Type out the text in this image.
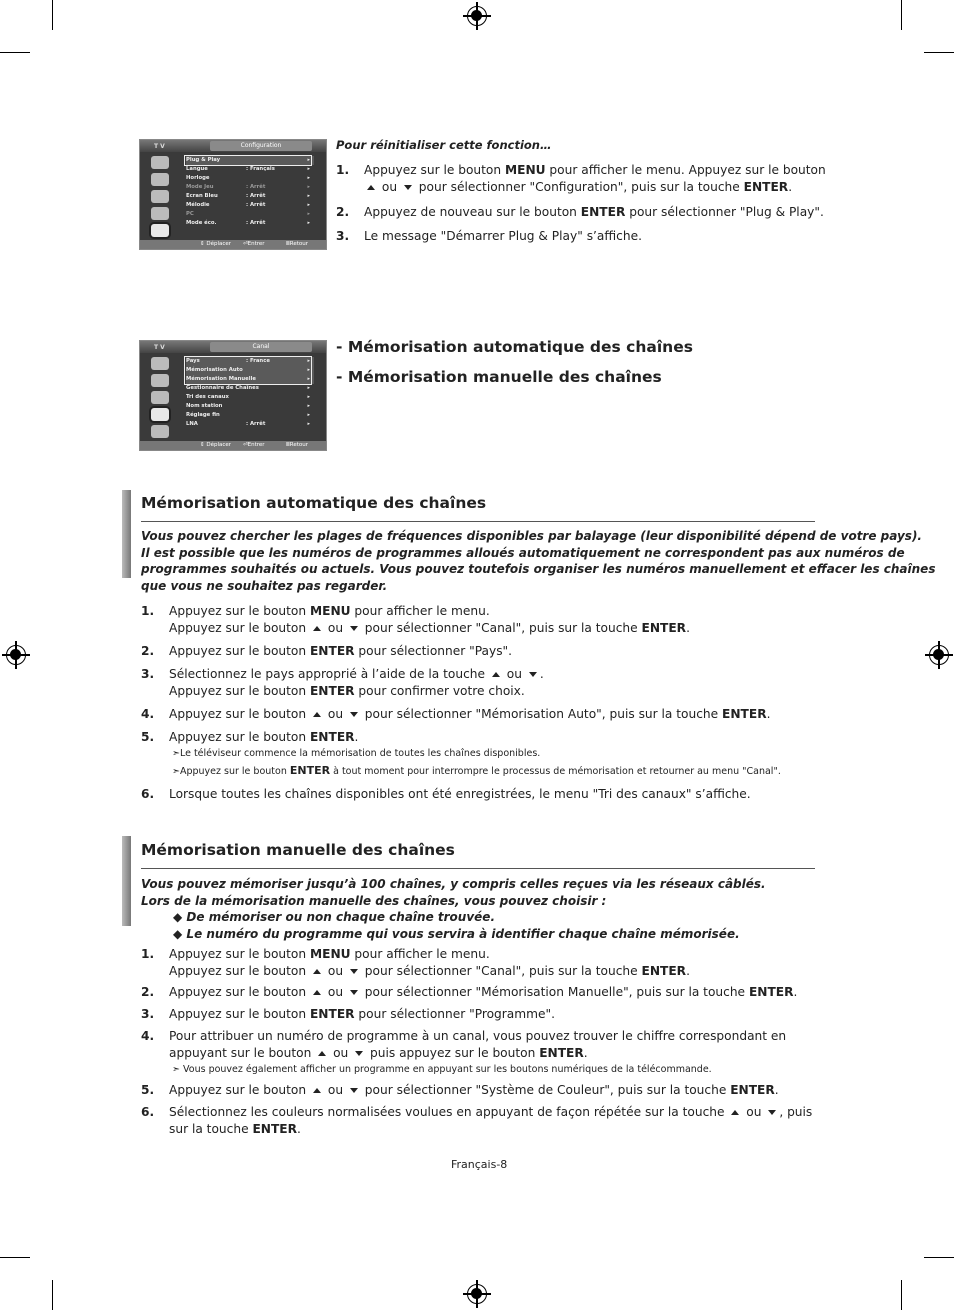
T V	Configuration
Plug & Play	▸
Langue	: Français	▸
Horloge	▸
Mode Jeu	: Arrêt	▸
Ecran Bleu	: Arrêt	▸
Mélodie	: Arrêt	▸
PC	▸
Mode éco.	: Arrêt	▸
⇕ Déplacer ⏎Entrer	ⅢRetour
T V	Canal
Pays	: France	▸
Mémorisation Auto	▸
Mémorisation Manuelle	▸
Gestionnaire de Chaînes	▸
Tri des canaux	▸
Nom station	▸
Réglage fin	▸
LNA	: Arrêt	▸
⇕ Déplacer ⏎Entrer	ⅢRetour
Pour réinitialiser cette fonction…
1. Appuyez sur le bouton MENU pour afficher le menu. Appuyez sur le bouton
ou  pour sélectionner "Configuration", puis sur la touche ENTER.
2. Appuyez de nouveau sur le bouton ENTER pour sélectionner "Plug & Play".
3. Le message "Démarrer Plug & Play" s’affiche.
- Mémorisation automatique des chaînes
- Mémorisation manuelle des chaînes
Mémorisation automatique des chaînes
Vous pouvez chercher les plages de fréquences disponibles par balayage (leur disponibilité dépend de votre pays).
Il est possible que les numéros de programmes alloués automatiquement ne correspondent pas aux numéros de
programmes souhaités ou actuels. Vous pouvez toutefois organiser les numéros manuellement et effacer les chaînes
que vous ne souhaitez pas regarder.
1. Appuyez sur le bouton MENU pour afficher le menu.
Appuyez sur le bouton  ou  pour sélectionner "Canal", puis sur la touche ENTER.
2. Appuyez sur le bouton ENTER pour sélectionner "Pays".
3. Sélectionnez le pays approprié à l’aide de la touche  ou .
Appuyez sur le bouton ENTER pour confirmer votre choix.
4. Appuyez sur le bouton  ou  pour sélectionner "Mémorisation Auto", puis sur la touche ENTER.
5. Appuyez sur le bouton ENTER.
➣Le téléviseur commence la mémorisation de toutes les chaînes disponibles.
➣Appuyez sur le bouton ENTER à tout moment pour interrompre le processus de mémorisation et retourner au menu "Canal".
6. Lorsque toutes les chaînes disponibles ont été enregistrées, le menu "Tri des canaux" s’affiche.
Mémorisation manuelle des chaînes
Vous pouvez mémoriser jusqu’à 100 chaînes, y compris celles reçues via les réseaux câblés.
Lors de la mémorisation manuelle des chaînes, vous pouvez choisir :
◆ De mémoriser ou non chaque chaîne trouvée.
◆ Le numéro du programme qui vous servira à identifier chaque chaîne mémorisée.
1. Appuyez sur le bouton MENU pour afficher le menu.
Appuyez sur le bouton  ou  pour sélectionner "Canal", puis sur la touche ENTER.
2. Appuyez sur le bouton  ou  pour sélectionner "Mémorisation Manuelle", puis sur la touche ENTER.
3. Appuyez sur le bouton ENTER pour sélectionner "Programme".
4. Pour attribuer un numéro de programme à un canal, vous pouvez trouver le chiffre correspondant en
appuyant sur le bouton  ou  puis appuyez sur le bouton ENTER.
➣ Vous pouvez également afficher un programme en appuyant sur les boutons numériques de la télécommande.
5. Appuyez sur le bouton  ou  pour sélectionner "Système de Couleur", puis sur la touche ENTER.
6. Sélectionnez les couleurs normalisées voulues en appuyant de façon répétée sur la touche  ou , puis
sur la touche ENTER.
Français-8
